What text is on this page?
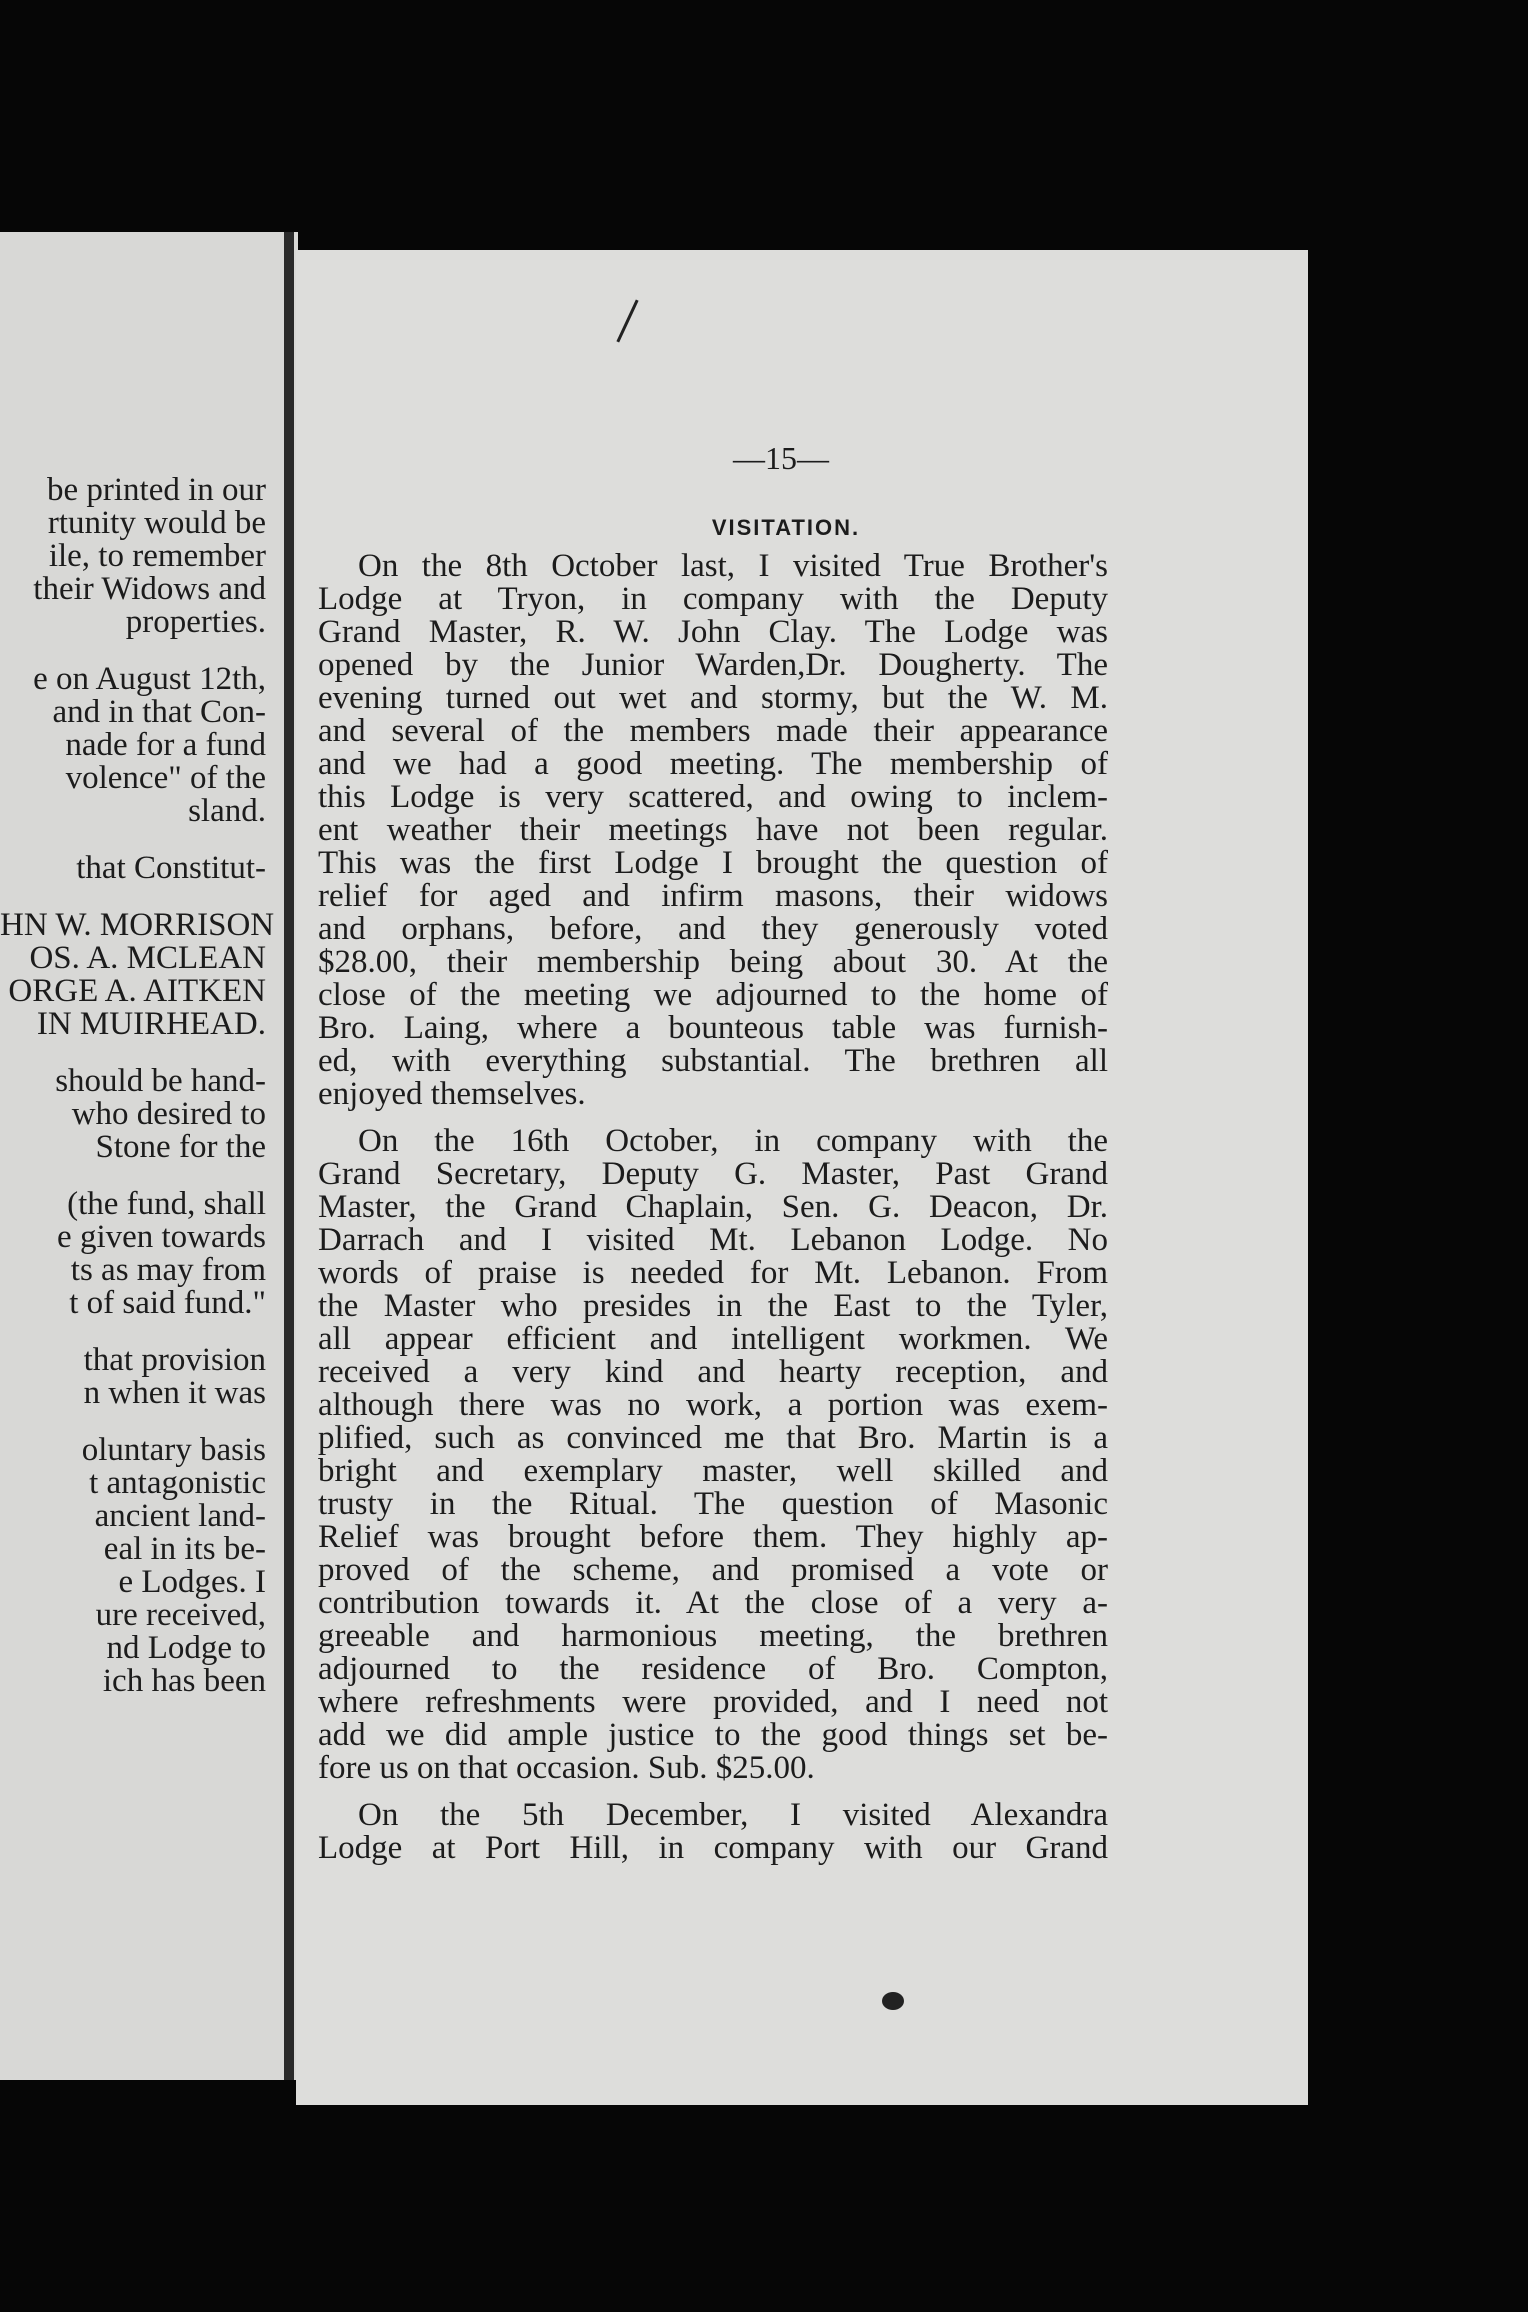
be printed in our
rtunity would be
ile, to remember
their Widows and
properties.
e on August 12th,
and in that Con-
nade for a fund
volence" of the
sland.
that Constitut-
HN W. MORRISON
OS. A. MCLEAN
ORGE A. AITKEN
IN MUIRHEAD.
should be hand-
who desired to
Stone for the
(the fund, shall
e given towards
ts as may from
t of said fund."
that provision
n when it was
oluntary basis
t antagonistic
ancient land-
eal in its be-
e Lodges. I
ure received,
nd Lodge to
ich has been
—15—
VISITATION.

On the 8th October last, I visited True Brother's
Lodge at Tryon, in company with the Deputy
Grand Master, R. W. John Clay. The Lodge was
opened by the Junior Warden,Dr. Dougherty. The
evening turned out wet and stormy, but the W. M.
and several of the members made their appearance
and we had a good meeting. The membership of
this Lodge is very scattered, and owing to inclem-
ent weather their meetings have not been regular.
This was the first Lodge I brought the question of
relief for aged and infirm masons, their widows
and orphans, before, and they generously voted
$28.00, their membership being about 30. At the
close of the meeting we adjourned to the home of
Bro. Laing, where a bounteous table was furnish-
ed, with everything substantial. The brethren all
enjoyed themselves.

On the 16th October, in company with the
Grand Secretary, Deputy G. Master, Past Grand
Master, the Grand Chaplain, Sen. G. Deacon, Dr.
Darrach and I visited Mt. Lebanon Lodge. No
words of praise is needed for Mt. Lebanon. From
the Master who presides in the East to the Tyler,
all appear efficient and intelligent workmen. We
received a very kind and hearty reception, and
although there was no work, a portion was exem-
plified, such as convinced me that Bro. Martin is a
bright and exemplary master, well skilled and
trusty in the Ritual. The question of Masonic
Relief was brought before them. They highly ap-
proved of the scheme, and promised a vote or
contribution towards it. At the close of a very a-
greeable and harmonious meeting, the brethren
adjourned to the residence of Bro. Compton,
where refreshments were provided, and I need not
add we did ample justice to the good things set be-
fore us on that occasion. Sub. $25.00.

On the 5th December, I visited Alexandra
Lodge at Port Hill, in company with our Grand
